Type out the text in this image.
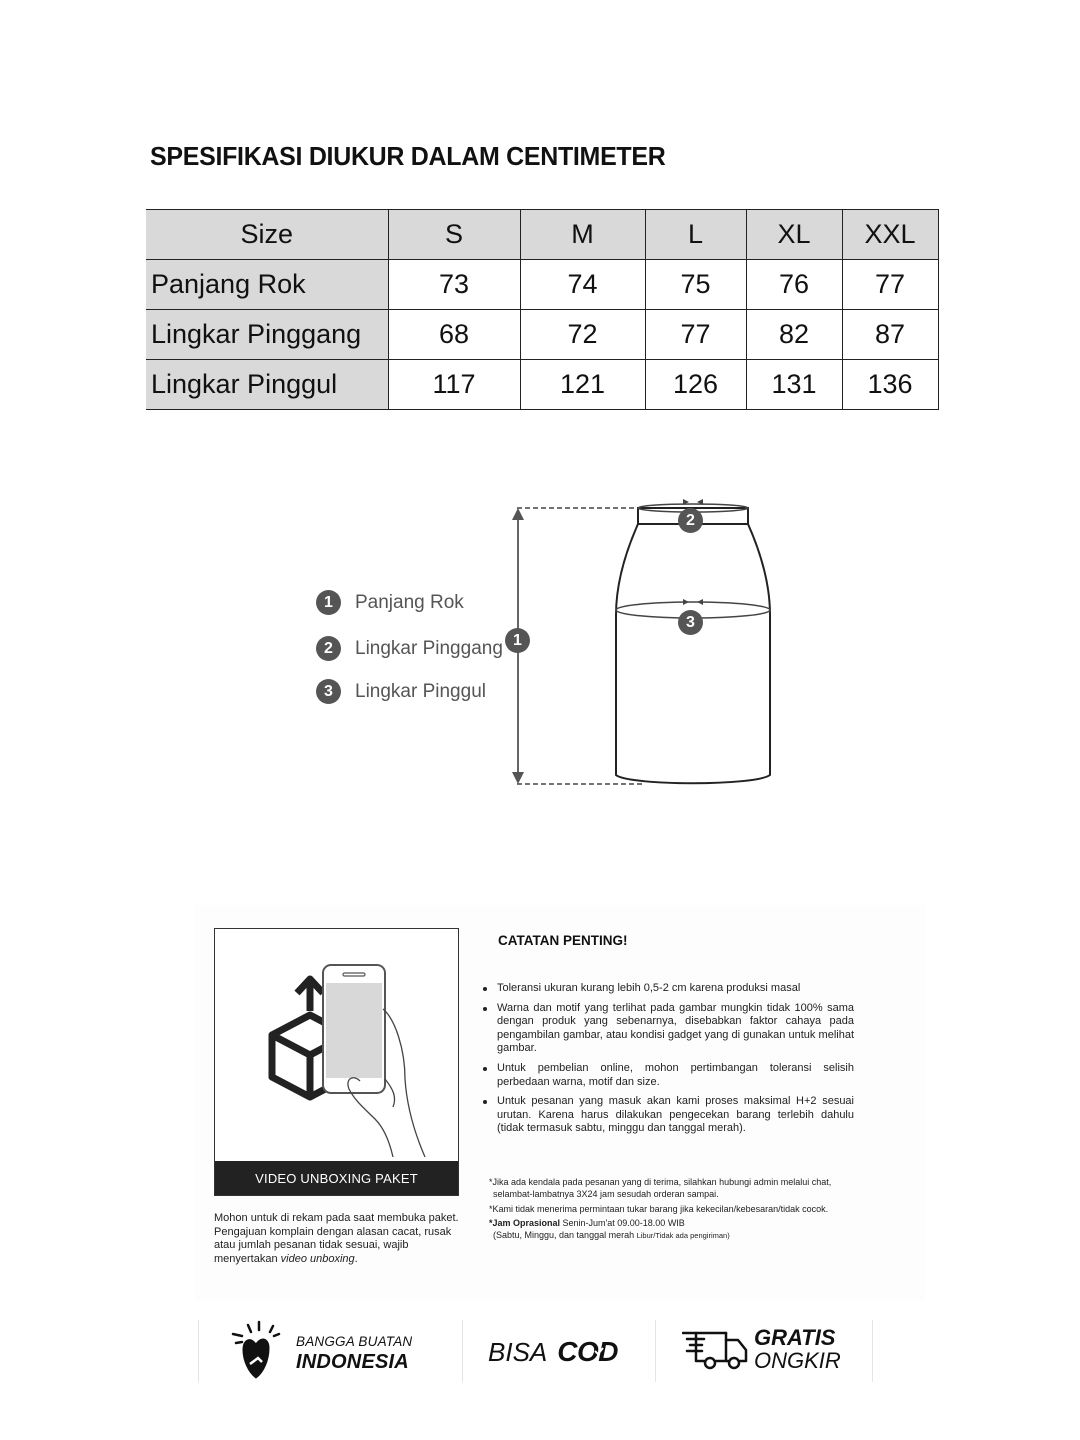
SPESIFIKASI DIUKUR DALAM CENTIMETER
Size	S	M	L	XL	XXL
Panjang Rok	73	74	75	76	77
Lingkar Pinggang	68	72	77	82	87
Lingkar Pinggul	117	121	126	131	136
1
2
3
1	Panjang Rok
2	Lingkar Pinggang
3	Lingkar Pinggul
VIDEO UNBOXING PAKET
Mohon untuk di rekam pada saat membuka paket. Pengajuan komplain dengan alasan cacat, rusak atau jumlah pesanan tidak sesuai, wajib menyertakan video unboxing.
CATATAN PENTING!
Toleransi ukuran kurang lebih 0,5-2 cm karena produksi masal
Warna dan motif yang terlihat pada gambar mungkin tidak 100% sama dengan produk yang sebenarnya, disebabkan faktor cahaya pada pengambilan gambar, atau kondisi gadget yang di gunakan untuk melihat gambar.
Untuk pembelian online, mohon pertimbangan toleransi selisih perbedaan warna, motif dan size.
Untuk pesanan yang masuk akan kami proses maksimal H+2 sesuai urutan. Karena harus dilakukan pengecekan barang terlebih dahulu (tidak termasuk sabtu, minggu dan tanggal merah).

*Jika ada kendala pada pesanan yang di terima, silahkan hubungi admin melalui chat,
selambat-lambatnya 3X24 jam sesudah orderan sampai.

*Kami tidak menerima permintaan tukar barang jika kekecilan/kebesaran/tidak cocok.

*Jam Oprasional Senin-Jum'at 09.00-18.00 WIB
(Sabtu, Minggu, dan tanggal merah Libur/Tidak ada pengiriman)

BANGGA BUATAN
INDONESIA	BISA COD	GRATIS
ONGKIR
